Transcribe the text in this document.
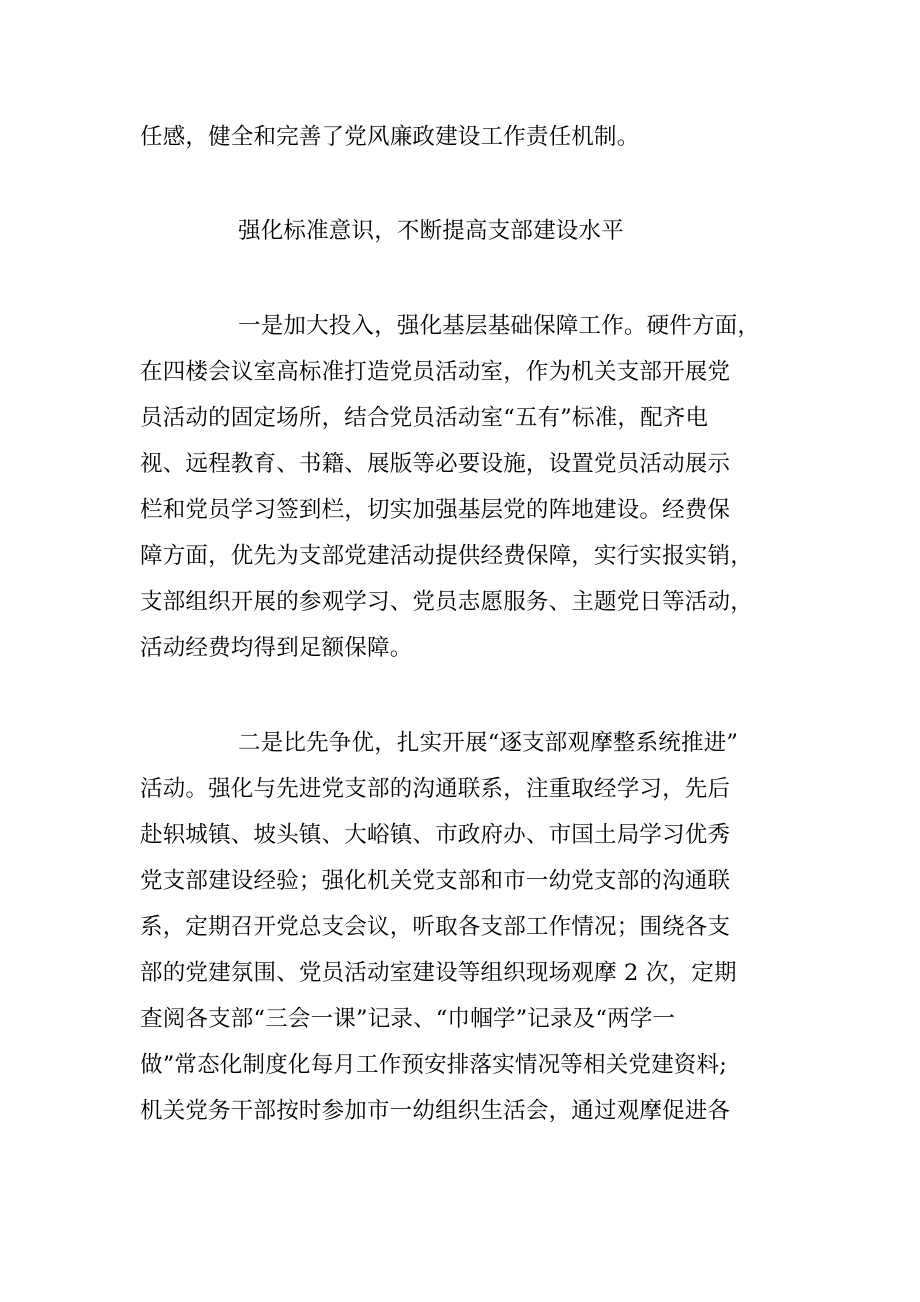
任感，健全和完善了党风廉政建设工作责任机制。
强化标准意识，不断提高支部建设水平
一是加大投入，强化基层基础保障工作。硬件方面，
在四楼会议室高标准打造党员活动室，作为机关支部开展党
员活动的固定场所，结合党员活动室“五有”标准，配齐电
视、远程教育、书籍、展版等必要设施，设置党员活动展示
栏和党员学习签到栏，切实加强基层党的阵地建设。经费保
障方面，优先为支部党建活动提供经费保障，实行实报实销，
支部组织开展的参观学习、党员志愿服务、主题党日等活动，
活动经费均得到足额保障。
二是比先争优，扎实开展“逐支部观摩整系统推进”
活动。强化与先进党支部的沟通联系，注重取经学习，先后
赴轵城镇、坡头镇、大峪镇、市政府办、市国土局学习优秀
党支部建设经验；强化机关党支部和市一幼党支部的沟通联
系，定期召开党总支会议，听取各支部工作情况；围绕各支
部的党建氛围、党员活动室建设等组织现场观摩 2 次，定期
查阅各支部“三会一课”记录、“巾帼学”记录及“两学一
做”常态化制度化每月工作预安排落实情况等相关党建资料;
机关党务干部按时参加市一幼组织生活会，通过观摩促进各
